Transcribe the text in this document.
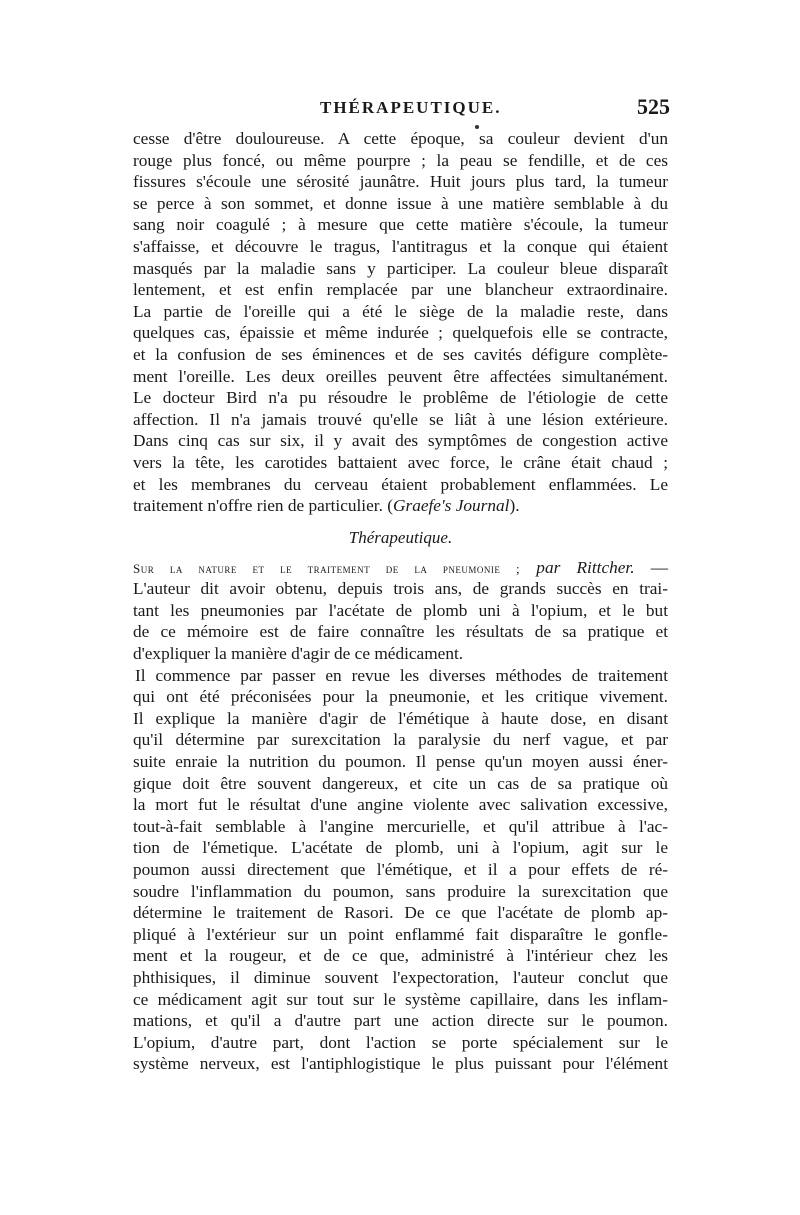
THÉRAPEUTIQUE.	525
cesse d'être douloureuse. A cette époque, sa couleur devient d'un
rouge plus foncé, ou même pourpre ; la peau se fendille, et de ces
fissures s'écoule une sérosité jaunâtre. Huit jours plus tard, la tumeur
se perce à son sommet, et donne issue à une matière semblable à du
sang noir coagulé ; à mesure que cette matière s'écoule, la tumeur
s'affaisse, et découvre le tragus, l'antitragus et la conque qui étaient
masqués par la maladie sans y participer. La couleur bleue disparaît
lentement, et est enfin remplacée par une blancheur extraordinaire.
La partie de l'oreille qui a été le siège de la maladie reste, dans
quelques cas, épaissie et même indurée ; quelquefois elle se contracte,
et la confusion de ses éminences et de ses cavités défigure complète-
ment l'oreille. Les deux oreilles peuvent être affectées simultanément.
Le docteur Bird n'a pu résoudre le problême de l'étiologie de cette
affection. Il n'a jamais trouvé qu'elle se liât à une lésion extérieure.
Dans cinq cas sur six, il y avait des symptômes de congestion active
vers la tête, les carotides battaient avec force, le crâne était chaud ;
et les membranes du cerveau étaient probablement enflammées. Le
traitement n'offre rien de particulier. (Graefe's Journal).
Thérapeutique.
Sur la nature et le traitement de la pneumonie ; par Rittcher. —
L'auteur dit avoir obtenu, depuis trois ans, de grands succès en trai-
tant les pneumonies par l'acétate de plomb uni à l'opium, et le but
de ce mémoire est de faire connaître les résultats de sa pratique et
d'expliquer la manière d'agir de ce médicament.
Il commence par passer en revue les diverses méthodes de traitement
qui ont été préconisées pour la pneumonie, et les critique vivement.
Il explique la manière d'agir de l'émétique à haute dose, en disant
qu'il détermine par surexcitation la paralysie du nerf vague, et par
suite enraie la nutrition du poumon. Il pense qu'un moyen aussi éner-
gique doit être souvent dangereux, et cite un cas de sa pratique où
la mort fut le résultat d'une angine violente avec salivation excessive,
tout-à-fait semblable à l'angine mercurielle, et qu'il attribue à l'ac-
tion de l'émetique. L'acétate de plomb, uni à l'opium, agit sur le
poumon aussi directement que l'émétique, et il a pour effets de ré-
soudre l'inflammation du poumon, sans produire la surexcitation que
détermine le traitement de Rasori. De ce que l'acétate de plomb ap-
pliqué à l'extérieur sur un point enflammé fait disparaître le gonfle-
ment et la rougeur, et de ce que, administré à l'intérieur chez les
phthisiques, il diminue souvent l'expectoration, l'auteur conclut que
ce médicament agit sur tout sur le système capillaire, dans les inflam-
mations, et qu'il a d'autre part une action directe sur le poumon.
L'opium, d'autre part, dont l'action se porte spécialement sur le
système nerveux, est l'antiphlogistique le plus puissant pour l'élément
